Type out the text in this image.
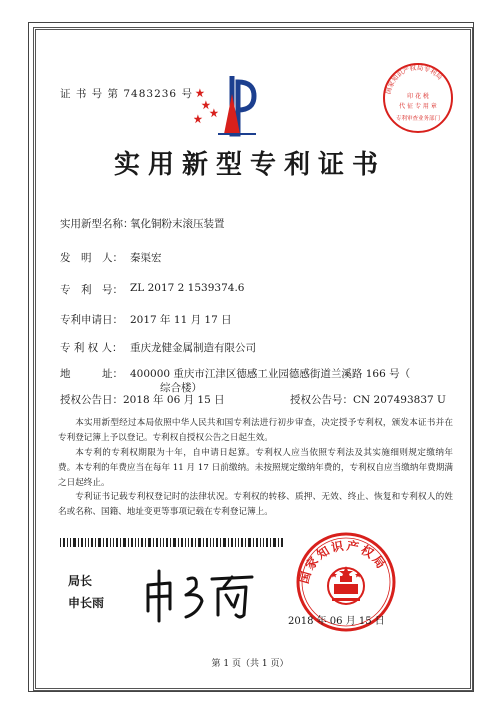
证 书 号 第 7483236 号	国家知识产权局专利局
印 花 税
代 征 专 用 章
专利审查业务部门
实用新型专利证书
实用新型名称：
氧化铜粉末滚压装置
发　明　人： 秦渠宏
专　利　号： ZL 2017 2 1539374.6
专利申请日： 2017 年 11 月 17 日
专 利 权 人： 重庆龙健金属制造有限公司
地　　　址： 400000 重庆市江津区德感工业园德感街道兰溪路 166 号（
综合楼）
授权公告日：2018 年 06 月 15 日	授权公告号：CN 207493837 U
本实用新型经过本局依照中华人民共和国专利法进行初步审查，决定授予专利权，颁发本证书并在专利登记簿上予以登记。专利权自授权公告之日起生效。
本专利的专利权期限为十年，自申请日起算。专利权人应当依照专利法及其实施细则规定缴纳年费。本专利的年费应当在每年 11 月 17 日前缴纳。未按照规定缴纳年费的，专利权自应当缴纳年费期满之日起终止。
专利证书记载专利权登记时的法律状况。专利权的转移、质押、无效、终止、恢复和专利权人的姓名或名称、国籍、地址变更等事项记载在专利登记簿上。
局长
申长雨
国家知识产权局
2018 年 06 月 15 日
第 1 页（共 1 页）
